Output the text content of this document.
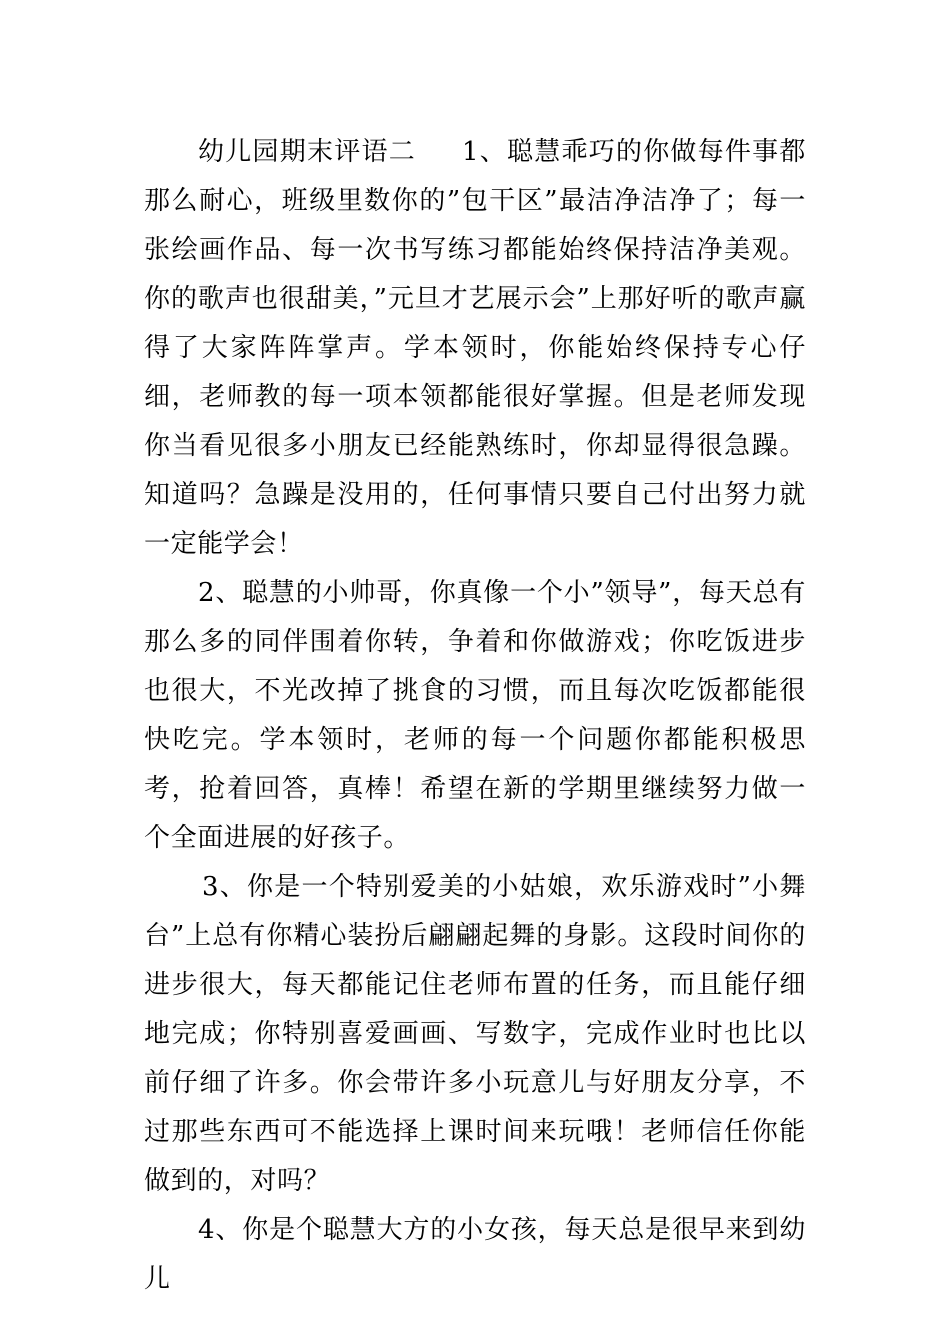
幼儿园期末评语二 1、聪慧乖巧的你做每件事都那么耐心，班级里数你的”包干区”最洁净洁净了；每一张绘画作品、每一次书写练习都能始终保持洁净美观。你的歌声也很甜美，”元旦才艺展示会”上那好听的歌声赢得了大家阵阵掌声。学本领时，你能始终保持专心仔细，老师教的每一项本领都能很好掌握。但是老师发现你当看见很多小朋友已经能熟练时，你却显得很急躁。知道吗？急躁是没用的，任何事情只要自己付出努力就一定能学会！

2、聪慧的小帅哥，你真像一个小”领导”，每天总有那么多的同伴围着你转，争着和你做游戏；你吃饭进步也很大，不光改掉了挑食的习惯，而且每次吃饭都能很快吃完。学本领时，老师的每一个问题你都能积极思考，抢着回答，真棒！希望在新的学期里继续努力做一个全面进展的好孩子。

3、你是一个特别爱美的小姑娘，欢乐游戏时”小舞台”上总有你精心装扮后翩翩起舞的身影。这段时间你的进步很大，每天都能记住老师布置的任务，而且能仔细地完成；你特别喜爱画画、写数字，完成作业时也比以前仔细了许多。你会带许多小玩意儿与好朋友分享，不过那些东西可不能选择上课时间来玩哦！老师信任你能做到的，对吗？

4、你是个聪慧大方的小女孩，每天总是很早来到幼儿
